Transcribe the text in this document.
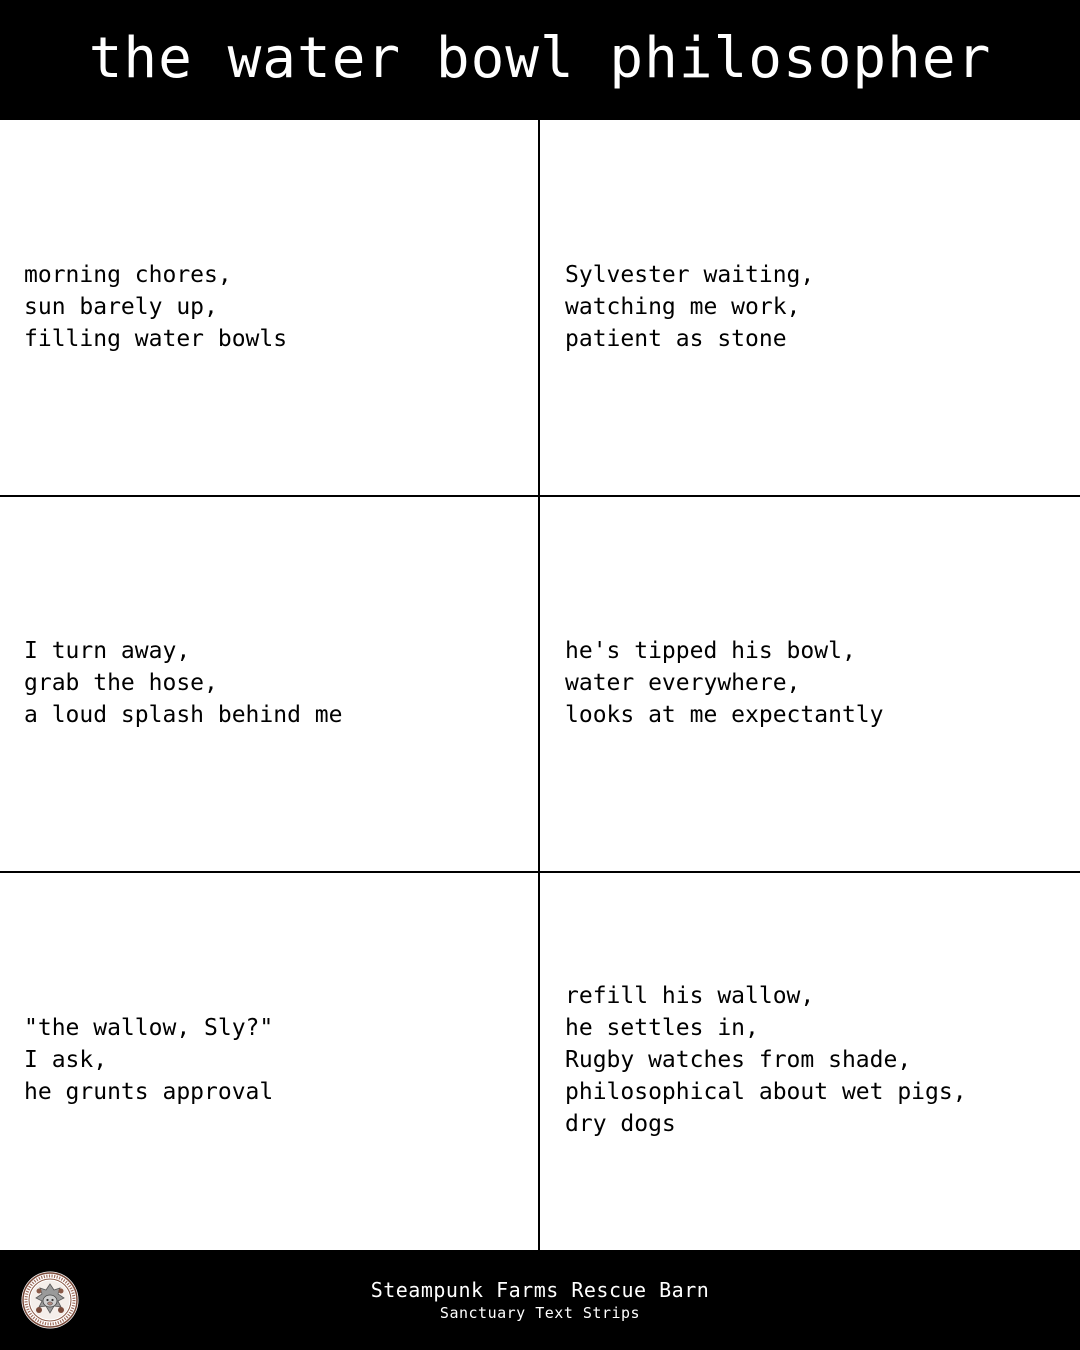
the water bowl philosopher
morning chores,
sun barely up,
filling water bowls
Sylvester waiting,
watching me work,
patient as stone
I turn away,
grab the hose,
a loud splash behind me
he's tipped his bowl,
water everywhere,
looks at me expectantly
"the wallow, Sly?"
I ask,
he grunts approval
refill his wallow,
he settles in,
Rugby watches from shade,
philosophical about wet pigs,
dry dogs
Steampunk Farms Rescue Barn
Sanctuary Text Strips
